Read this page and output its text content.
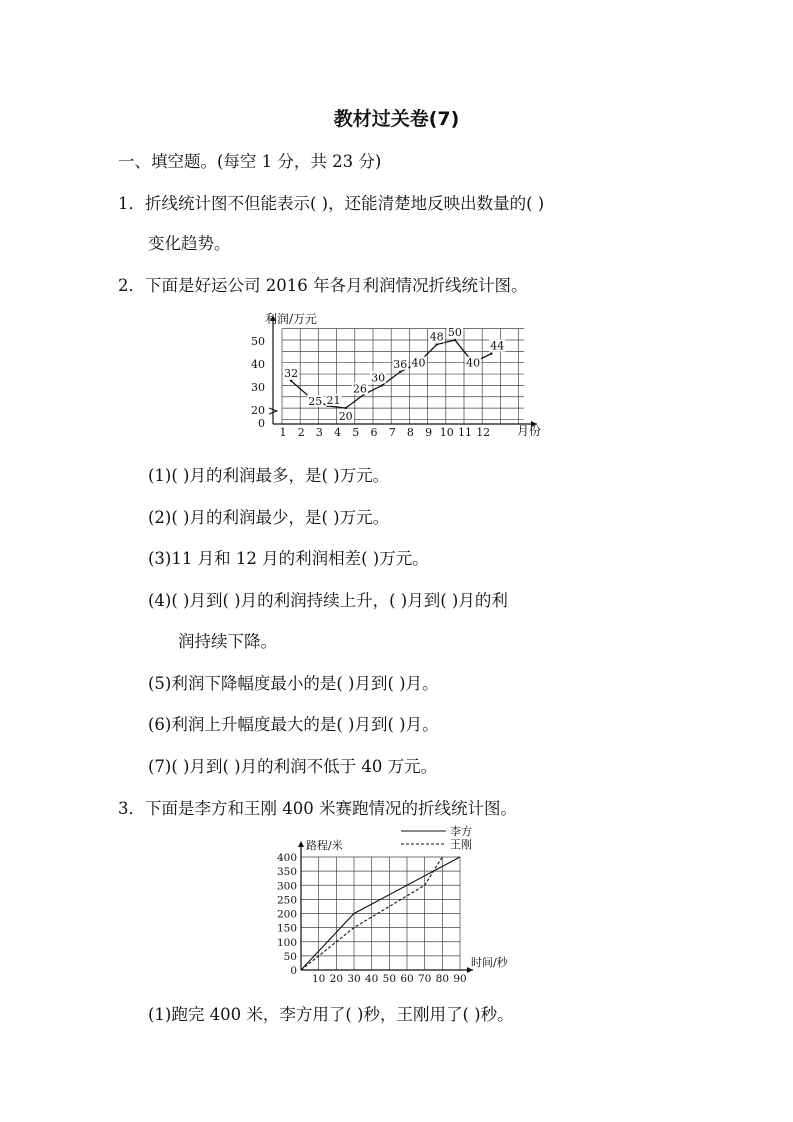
教材过关卷(7)
一、填空题。(每空 1 分，共 23 分)
1．折线统计图不但能表示( )，还能清楚地反映出数量的( )
变化趋势。
2．下面是好运公司 2016 年各月利润情况折线统计图。
1 2 3 4 5 6 7 8 9 10 11 12
0
20
30
40
50
32
25 21
20
26
30
36 40
48 50
40
44
利润/万元
月份
(1)( )月的利润最多，是( )万元。
(2)( )月的利润最少，是( )万元。
(3)11 月和 12 月的利润相差( )万元。
(4)( )月到( )月的利润持续上升，( )月到( )月的利
润持续下降。
(5)利润下降幅度最小的是( )月到( )月。
(6)利润上升幅度最大的是( )月到( )月。
(7)( )月到( )月的利润不低于 40 万元。
3．下面是李方和王刚 400 米赛跑情况的折线统计图。
10 20 30 40 50 60 70 80 90
0
50
100
150
200
250
300
350
400
李方
王刚
路程/米
时间/秒
(1)跑完 400 米，李方用了( )秒，王刚用了( )秒。
